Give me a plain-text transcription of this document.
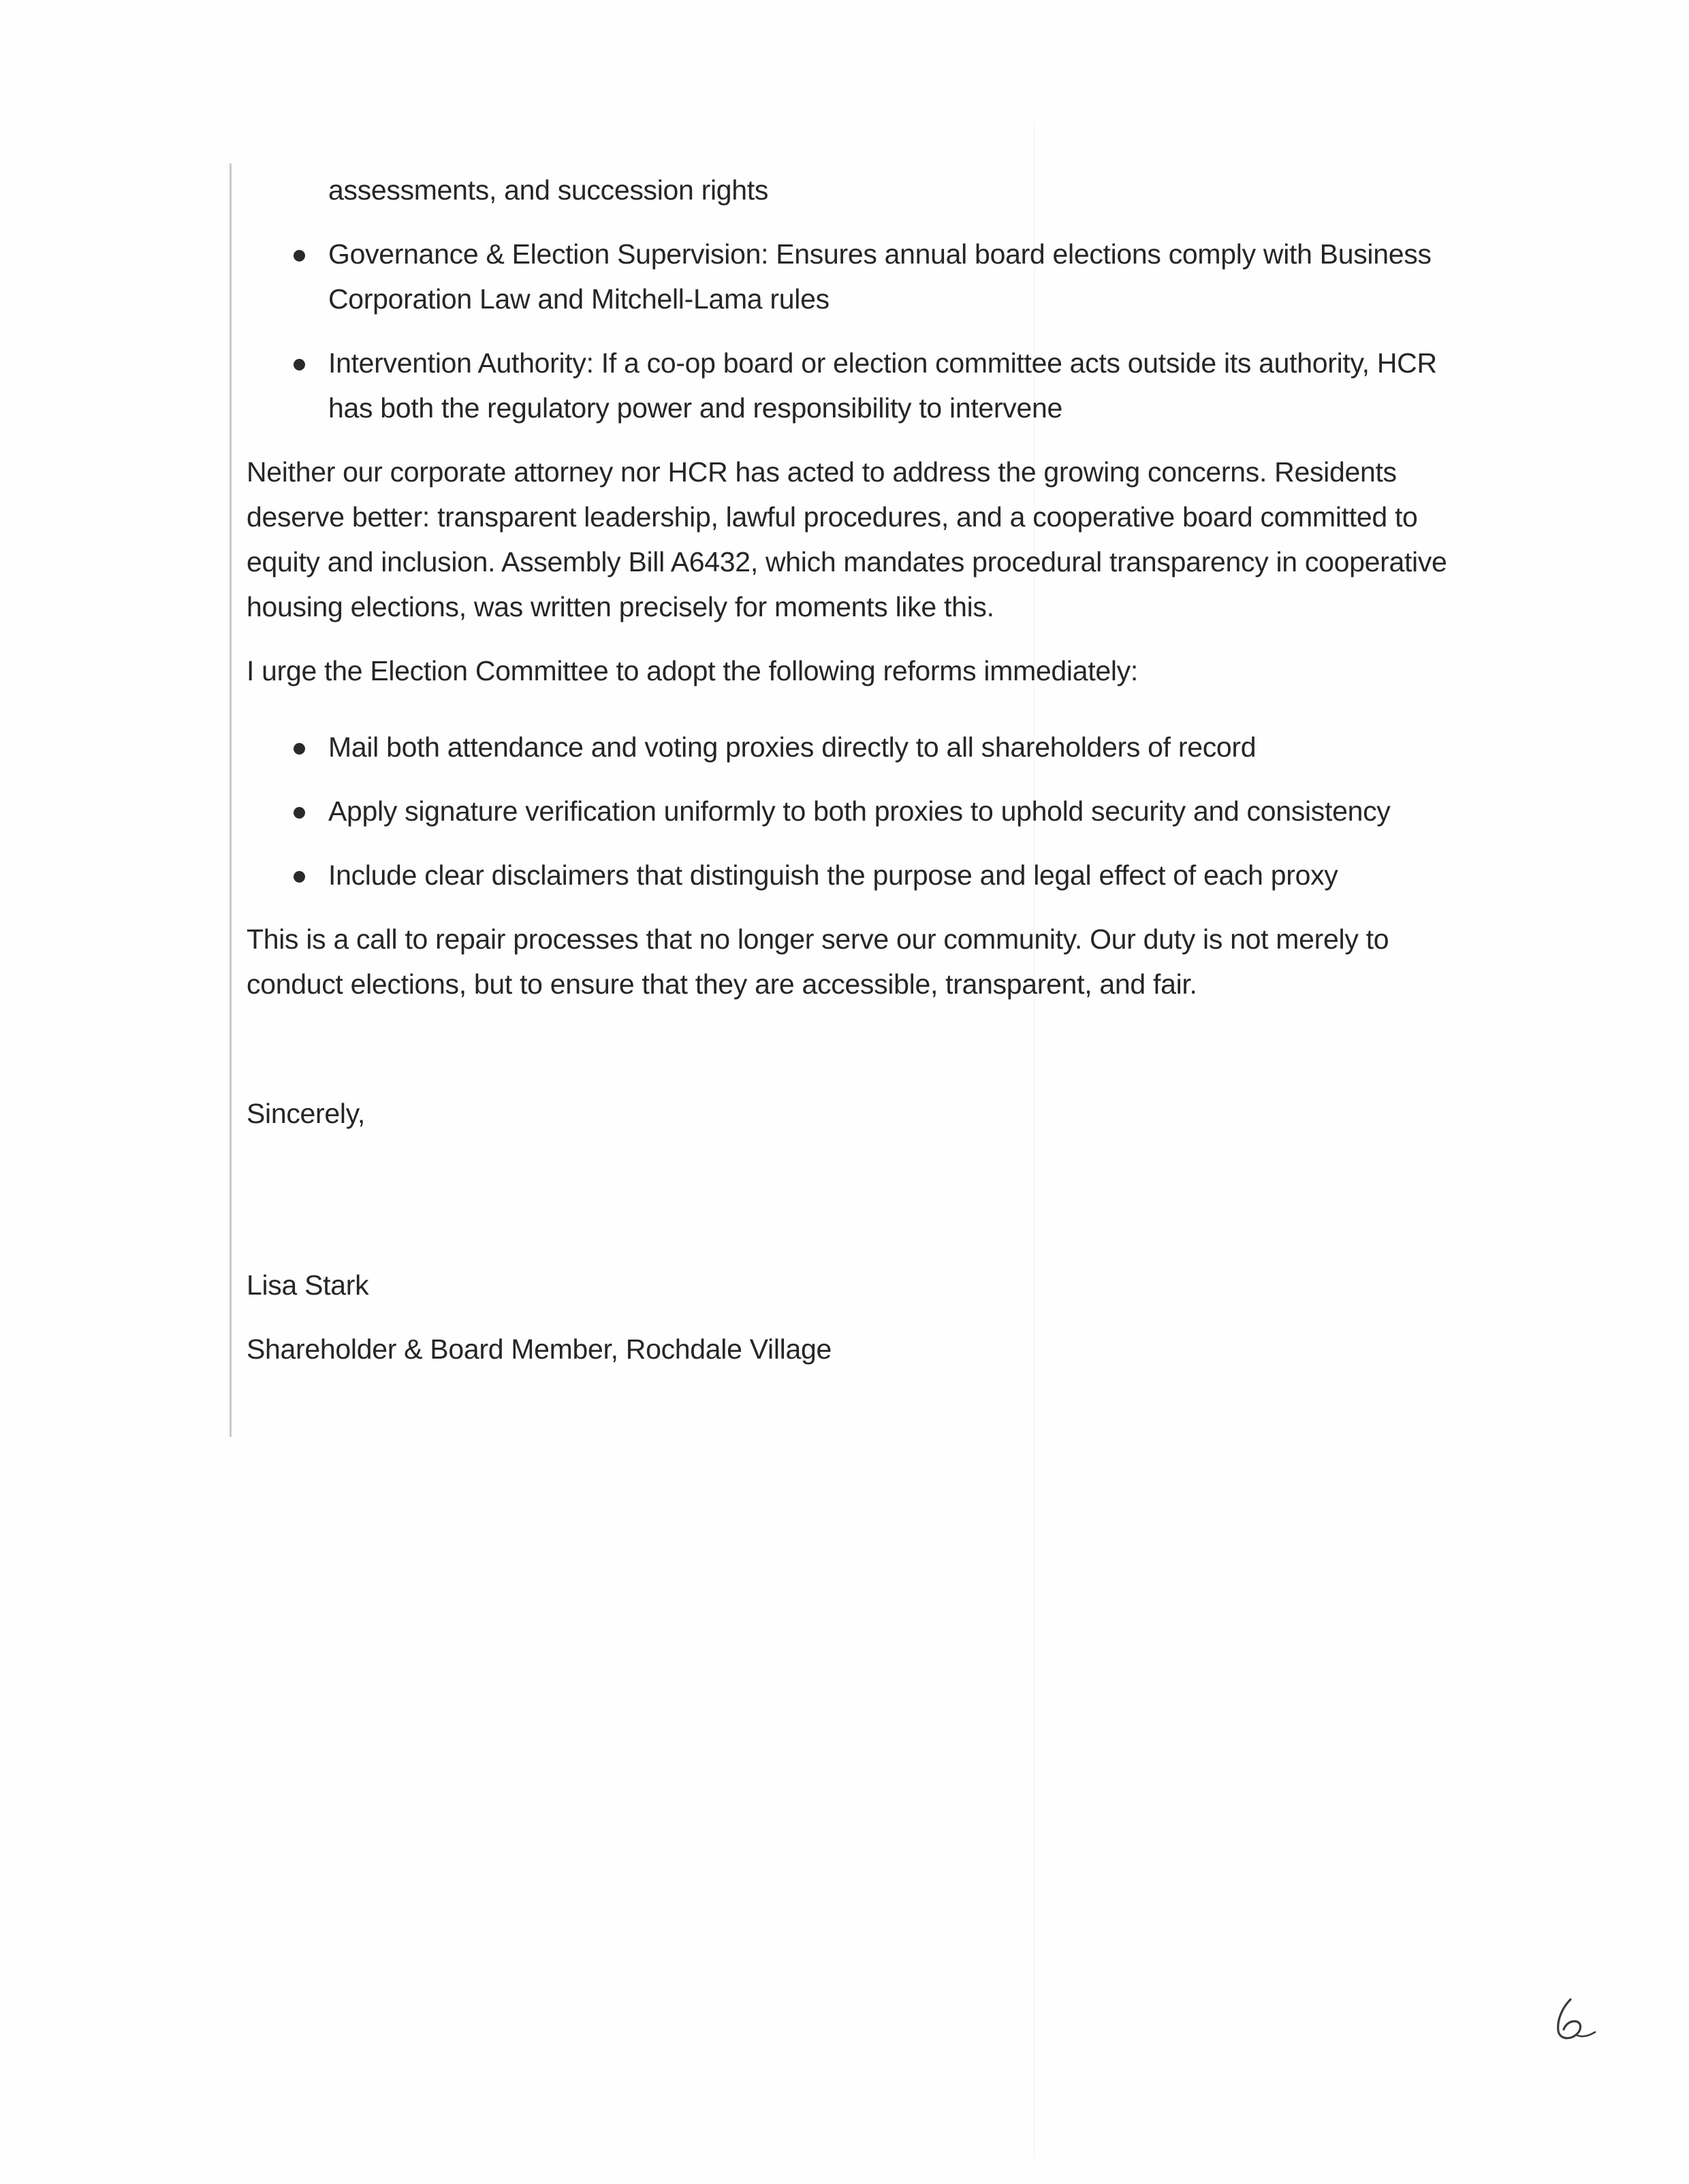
assessments, and succession rights

Governance & Election Supervision: Ensures annual board elections comply with Business Corporation Law and Mitchell-Lama rules
Intervention Authority: If a co-op board or election committee acts outside its authority, HCR has both the regulatory power and responsibility to intervene

Neither our corporate attorney nor HCR has acted to address the growing concerns. Residents deserve better: transparent leadership, lawful procedures, and a cooperative board committed to equity and inclusion. Assembly Bill A6432, which mandates procedural transparency in cooperative housing elections, was written precisely for moments like this.

I urge the Election Committee to adopt the following reforms immediately:

Mail both attendance and voting proxies directly to all shareholders of record
Apply signature verification uniformly to both proxies to uphold security and consistency
Include clear disclaimers that distinguish the purpose and legal effect of each proxy

This is a call to repair processes that no longer serve our community. Our duty is not merely to conduct elections, but to ensure that they are accessible, transparent, and fair.

Sincerely,

Lisa Stark

Shareholder & Board Member, Rochdale Village

6
